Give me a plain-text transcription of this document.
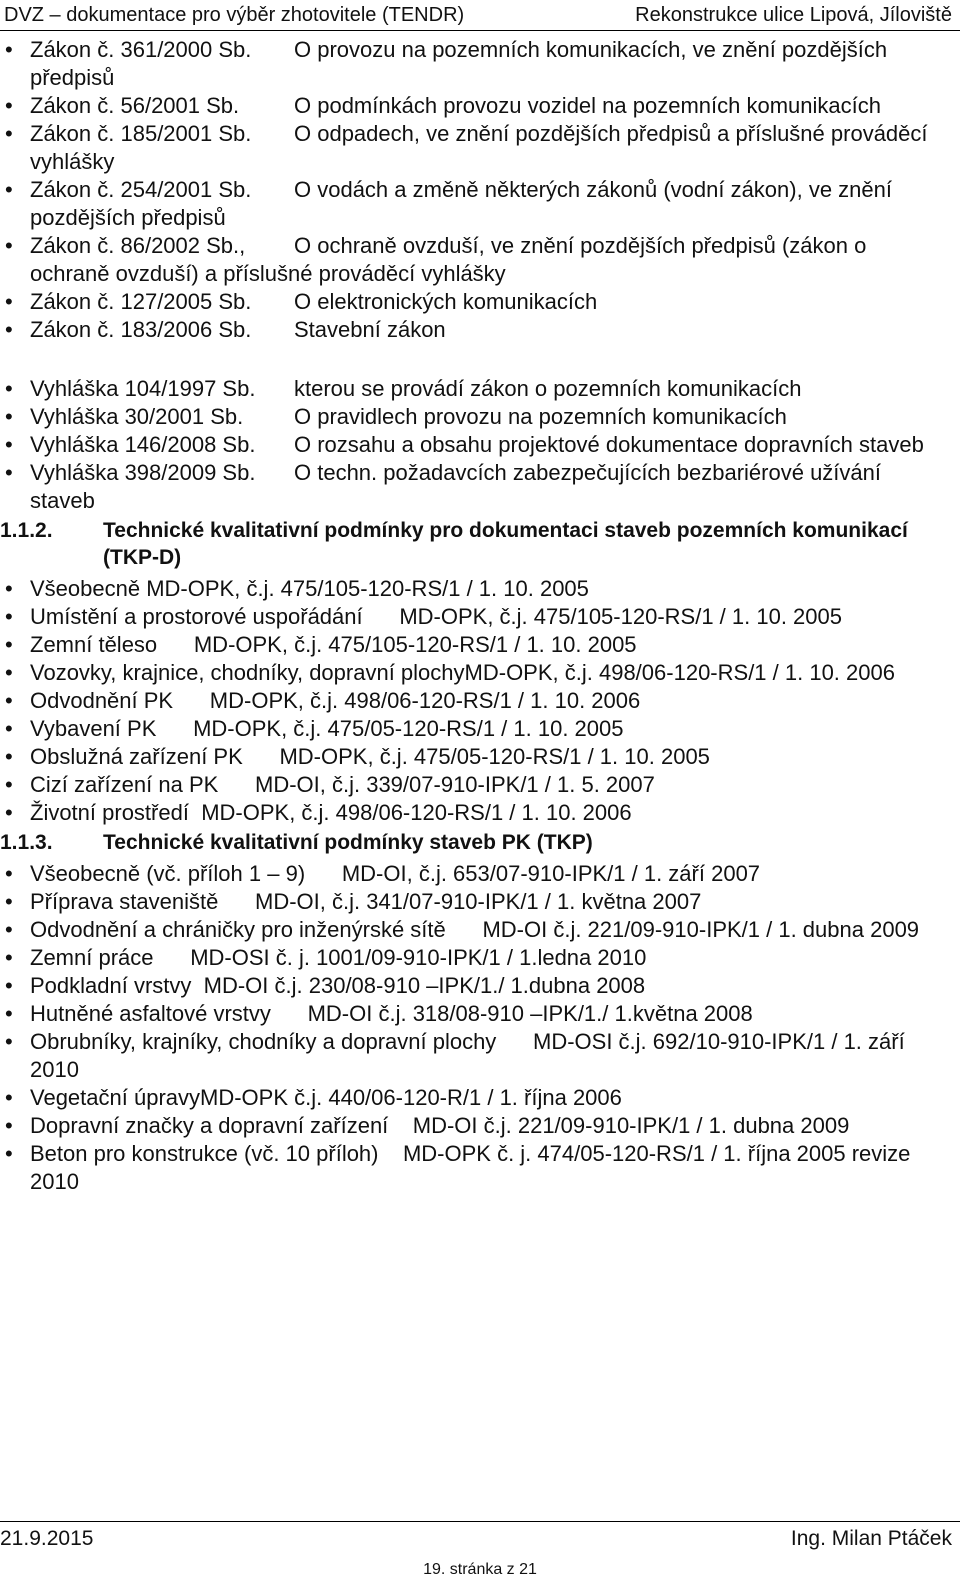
DVZ – dokumentace pro výběr zhotovitele (TENDR)	Rekonstrukce ulice Lipová, Jíloviště
• Zákon č. 361/2000 Sb. O provozu na pozemních komunikacích, ve znění pozdějších předpisů
• Zákon č. 56/2001 Sb. O podmínkách provozu vozidel na pozemních komunikacích
• Zákon č. 185/2001 Sb. O odpadech, ve znění pozdějších předpisů a příslušné prováděcí vyhlášky
• Zákon č. 254/2001 Sb. O vodách a změně některých zákonů (vodní zákon), ve znění pozdějších předpisů
• Zákon č. 86/2002 Sb., O ochraně ovzduší, ve znění pozdějších předpisů (zákon o ochraně ovzduší) a příslušné prováděcí vyhlášky
• Zákon č. 127/2005 Sb. O elektronických komunikacích
• Zákon č. 183/2006 Sb. Stavební zákon
• Vyhláška 104/1997 Sb. kterou se provádí zákon o pozemních komunikacích
• Vyhláška 30/2001 Sb. O pravidlech provozu na pozemních komunikacích
• Vyhláška 146/2008 Sb. O rozsahu a obsahu projektové dokumentace dopravních staveb
• Vyhláška 398/2009 Sb. O techn. požadavcích zabezpečujících bezbariérové užívání staveb
1.1.2. Technické kvalitativní podmínky pro dokumentaci staveb pozemních komunikací (TKP-D)
• Všeobecně MD-OPK, č.j. 475/105-120-RS/1 / 1. 10. 2005
• Umístění a prostorové uspořádání MD-OPK, č.j. 475/105-120-RS/1 / 1. 10. 2005
• Zemní těleso MD-OPK, č.j. 475/105-120-RS/1 / 1. 10. 2005
• Vozovky, krajnice, chodníky, dopravní plochyMD-OPK, č.j. 498/06-120-RS/1 / 1. 10. 2006
• Odvodnění PK MD-OPK, č.j. 498/06-120-RS/1 / 1. 10. 2006
• Vybavení PK MD-OPK, č.j. 475/05-120-RS/1 / 1. 10. 2005
• Obslužná zařízení PK MD-OPK, č.j. 475/05-120-RS/1 / 1. 10. 2005
• Cizí zařízení na PK MD-OI, č.j. 339/07-910-IPK/1 / 1. 5. 2007
• Životní prostředí MD-OPK, č.j. 498/06-120-RS/1 / 1. 10. 2006
1.1.3. Technické kvalitativní podmínky staveb PK (TKP)
• Všeobecně (vč. příloh 1 – 9) MD-OI, č.j. 653/07-910-IPK/1 / 1. září 2007
• Příprava staveniště MD-OI, č.j. 341/07-910-IPK/1 / 1. května 2007
• Odvodnění a chráničky pro inženýrské sítě MD-OI č.j. 221/09-910-IPK/1 / 1. dubna 2009
• Zemní práce MD-OSI č. j. 1001/09-910-IPK/1 / 1.ledna 2010
• Podkladní vrstvy MD-OI č.j. 230/08-910 –IPK/1./ 1.dubna 2008
• Hutněné asfaltové vrstvy MD-OI č.j. 318/08-910 –IPK/1./ 1.května 2008
• Obrubníky, krajníky, chodníky a dopravní plochy MD-OSI č.j. 692/10-910-IPK/1 / 1. září 2010
• Vegetační úpravyMD-OPK č.j. 440/06-120-R/1 / 1. října 2006
• Dopravní značky a dopravní zařízení MD-OI č.j. 221/09-910-IPK/1 / 1. dubna 2009
• Beton pro konstrukce (vč. 10 příloh) MD-OPK č. j. 474/05-120-RS/1 / 1. října 2005 revize 2010
21.9.2015	Ing. Milan Ptáček
19. stránka z 21
